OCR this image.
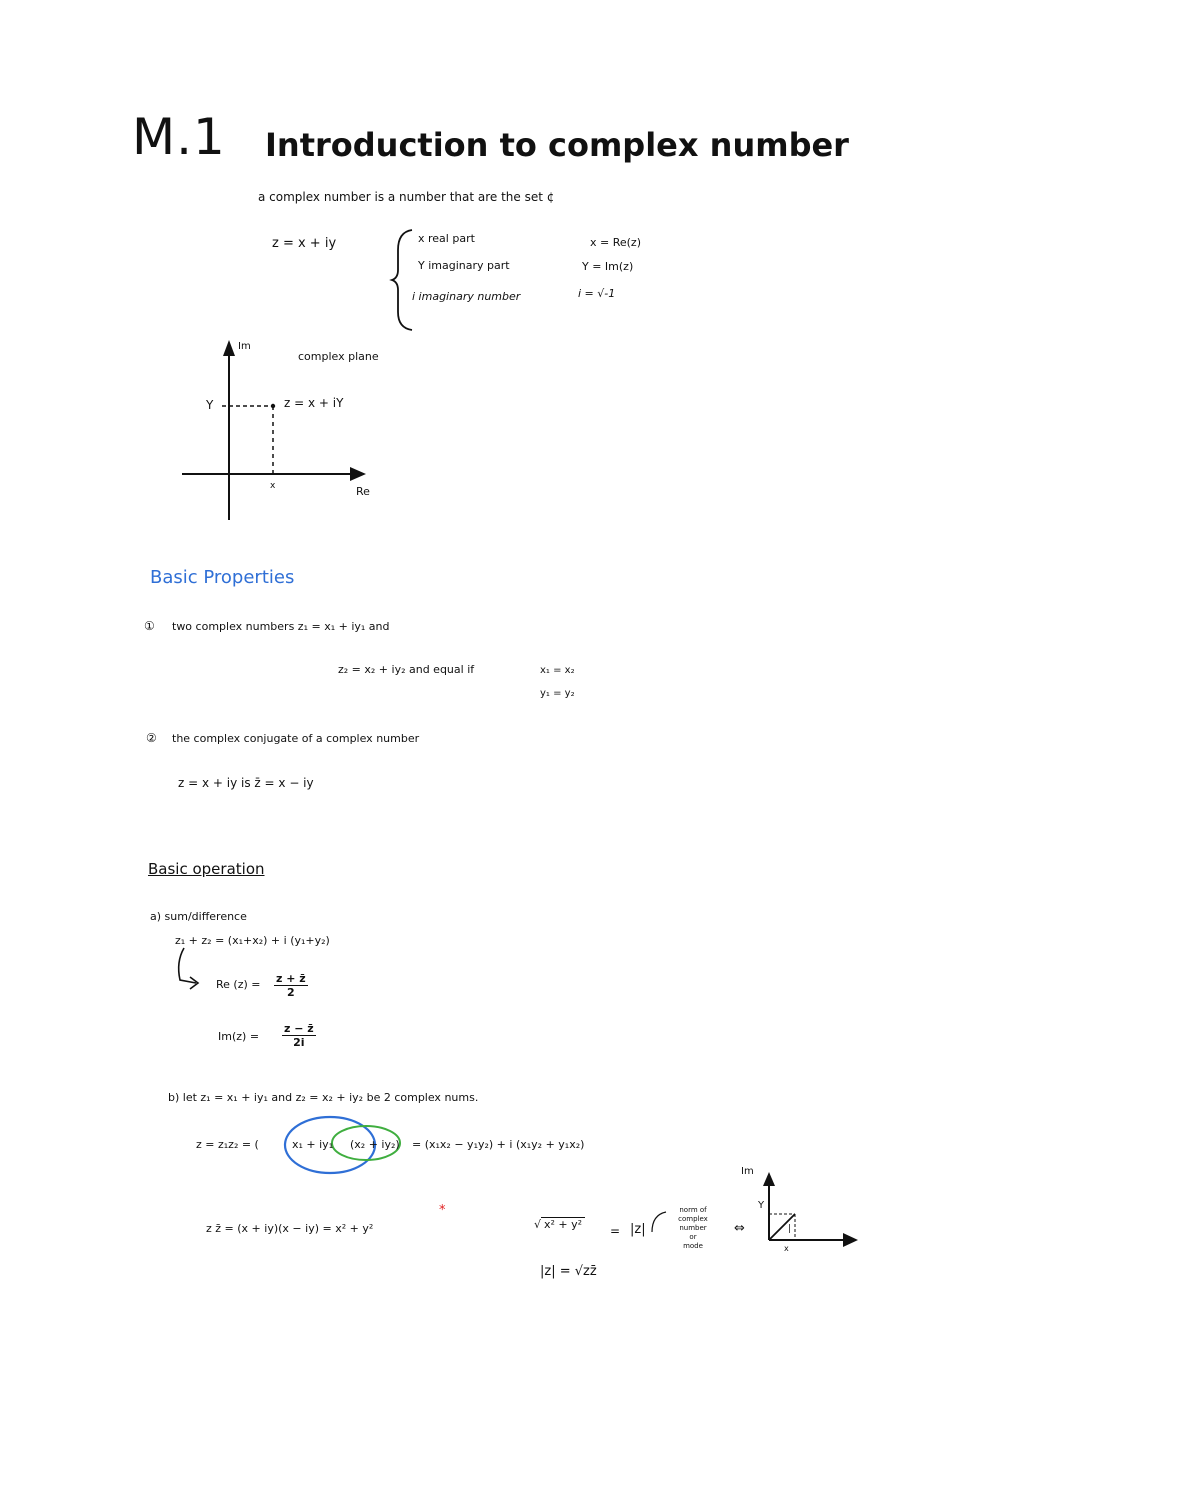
M.1 Introduction to complex number
a complex number is a number that are the set ¢
z = x + iy	x real part	x = Re(z)
Y imaginary part	Y = Im(z)
i imaginary number	i = √-1
Im
complex plane
Y	z = x + iY
x	Re
Basic Properties
① two complex numbers z₁ = x₁ + iy₁ and
z₂ = x₂ + iy₂ and equal if	x₁ = x₂
y₁ = y₂
② the complex conjugate of a complex number
z = x + iy is z̄ = x − iy
Basic operation
a) sum/difference
z₁ + z₂ = (x₁+x₂) + i (y₁+y₂)
Re $(z) = \frac{z + z̄}{2}$
$Im(z) = \frac{z - z̄}{2i}$
b) let z₁ = x₁ + iy₁ and z₂ = x₂ + iy₂ be 2 complex nums.
z = z₁z₂ = (	x₁ + iy₁ (x₂ + iy₂) = (x₁x₂ − y₁y₂) + i (x₁y₂ + y₁x₂)
z z̄ = (x + iy)(x − iy) = x² + y²
*
√ x² + y² = |z|
norm of
complex
number
or
mode
⇔
|z| = √zz̄
Im
Y
x
|
